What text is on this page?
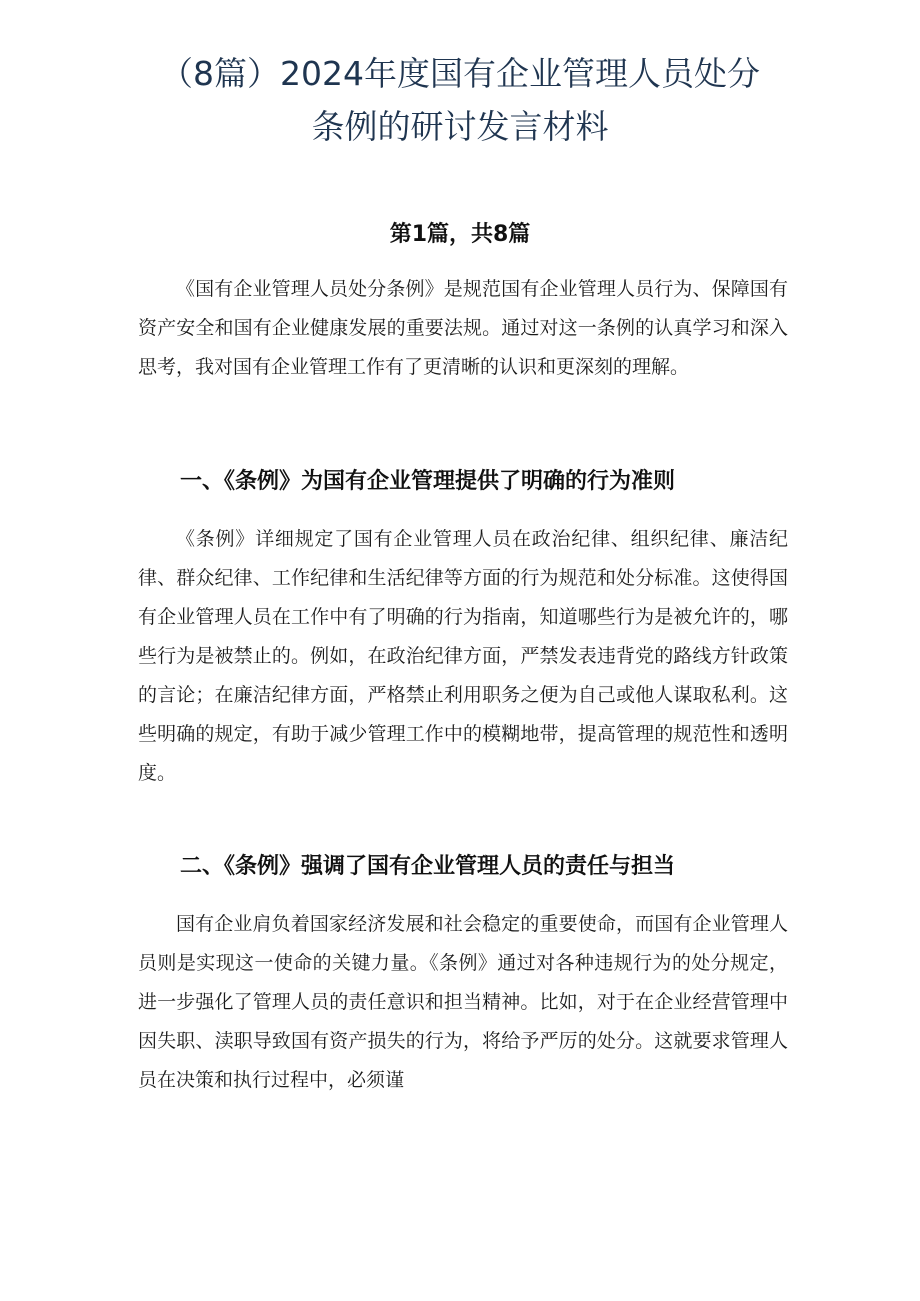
（8篇）2024年度国有企业管理人员处分
条例的研讨发言材料
第1篇，共8篇

《国有企业管理人员处分条例》是规范国有企业管理人员行为、保障国有资产安全和国有企业健康发展的重要法规。通过对这一条例的认真学习和深入思考，我对国有企业管理工作有了更清晰的认识和更深刻的理解。

一、《条例》为国有企业管理提供了明确的行为准则

《条例》详细规定了国有企业管理人员在政治纪律、组织纪律、廉洁纪律、群众纪律、工作纪律和生活纪律等方面的行为规范和处分标准。这使得国有企业管理人员在工作中有了明确的行为指南，知道哪些行为是被允许的，哪些行为是被禁止的。例如，在政治纪律方面，严禁发表违背党的路线方针政策的言论；在廉洁纪律方面，严格禁止利用职务之便为自己或他人谋取私利。这些明确的规定，有助于减少管理工作中的模糊地带，提高管理的规范性和透明度。

二、《条例》强调了国有企业管理人员的责任与担当

国有企业肩负着国家经济发展和社会稳定的重要使命，而国有企业管理人员则是实现这一使命的关键力量。《条例》通过对各种违规行为的处分规定，进一步强化了管理人员的责任意识和担当精神。比如，对于在企业经营管理中因失职、渎职导致国有资产损失的行为，将给予严厉的处分。这就要求管理人员在决策和执行过程中，必须谨
